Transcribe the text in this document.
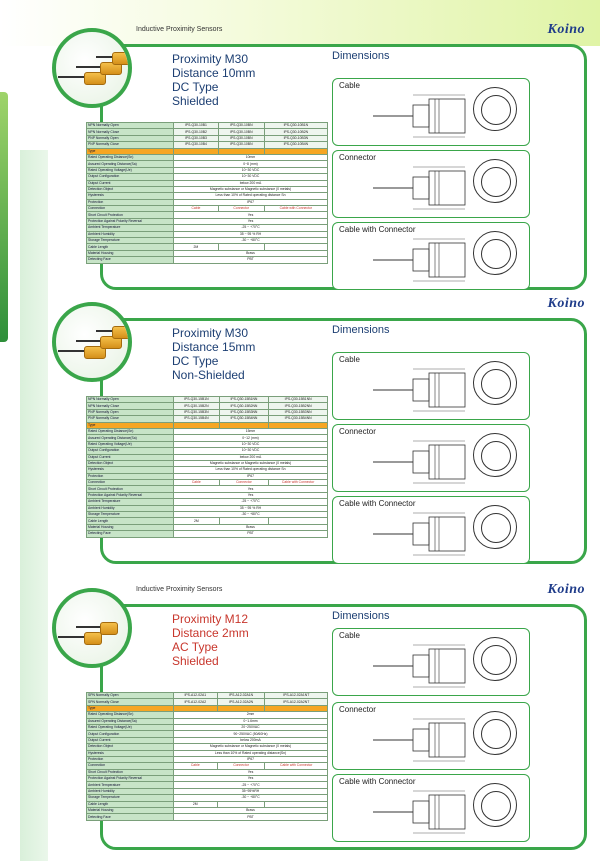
Inductive Proximity Sensors	Koino
Proximity M30
Distance 10mm
DC Type
Shielded
NPN Normally Open	IPS-Q30-10B1	IPS-Q30-10BN	IPS-Q30-10B1N
NPN Normally Close	IPS-Q30-10B2	IPS-Q30-10BN	IPS-Q30-10B2N
PNP Normally Open	IPS-Q30-10B3	IPS-Q30-10BN	IPS-Q30-10B3N
PNP Normally Close	IPS-Q30-10B4	IPS-Q30-10BN	IPS-Q30-10B4N
Type			
Rated Operating Distance(Sn)	10mm		
Assured Operating Distance(Sa)	0~8 (mm)		
Rated Operating Voltage(Ue)	10~30 VDC		
Output Configuration	10~30 VDC		
Output Current	below 200 mA		
Detection Object	Magnetic substance or Magnetic substance (0 metals)		
Hysteresis	Less than 10% of Rated operating distance Sn		
Protection	IP67		
Connection	Cable	Connector	Cable with Connector
Short Circuit Protection	Yes		
Protection Against Polarity Reversal	Yes		
Ambient Temperature	-25 ~ +70°C		
Ambient Humidity	35 ~ 95 % RH		
Storage Temperature	-30 ~ +80°C		
Cable Length	2M		
Material Housing	Brass		
Detecting Face	PBT		
Dimensions
Cable
Connector
Cable with Connector
Koino
Proximity M30
Distance 15mm
DC Type
Non-Shielded
NPN Normally Open	IPS-Q30-15B1N	IPS-Q30-15B1NN	IPS-Q30-15B1NN
NPN Normally Close	IPS-Q30-15B2N	IPS-Q30-15B2NN	IPS-Q30-15B2NN
PNP Normally Open	IPS-Q30-15B3N	IPS-Q30-15B3NN	IPS-Q30-15B3NN
PNP Normally Close	IPS-Q30-15B4N	IPS-Q30-15B4NN	IPS-Q30-15B4NN
Type			
Rated Operating Distance(Sn)	15mm		
Assured Operating Distance(Sa)	0~12 (mm)		
Rated Operating Voltage(Ue)	10~30 VDC		
Output Configuration	10~30 VDC		
Output Current	below 200 mA		
Detection Object	Magnetic substance or Magnetic substance (0 metals)		
Hysteresis	Less than 10% of Rated operating distance Sn		
Protection	IP67		
Connection	Cable	Connector	Cable with Connector
Short Circuit Protection	Yes		
Protection Against Polarity Reversal	Yes		
Ambient Temperature	-25 ~ +70°C		
Ambient Humidity	35 ~ 95 % RH		
Storage Temperature	-30 ~ +80°C		
Cable Length	2M		
Material Housing	Brass		
Detecting Face	PBT		
Dimensions
Cable
Connector
Cable with Connector
Inductive Proximity Sensors	Koino
Proximity M12
Distance 2mm
AC Type
Shielded
SPN Normally Open	IPS-A12-02A1	IPS-A12-02A1N	IPS-A12-02A1NT
SPN Normally Close	IPS-A12-02A2	IPS-A12-02A2N	IPS-A12-02A2NT
Type			
Rated Operating Distance(Sn)	2mm		
Assured Operating Distance(Sa)	0~1.6mm		
Rated Operating Voltage(Ue)	20~250VAC		
Output Configuration	90~250VAC (50/60Hz)		
Output Current	below 200mA		
Detection Object	Magnetic substance or Magnetic substance (0 metals)		
Hysteresis	Less than 10% of Rated operating distance(Sn)		
Protection	IP67		
Connection	Cable	Connector	Cable with Connector
Short Circuit Protection	Yes		
Protection Against Polarity Reversal	Yes		
Ambient Temperature	-25 ~ +70°C		
Ambient Humidity	35~95%RH		
Storage Temperature	-30 ~ +80°C		
Cable Length	2M		
Material Housing	Brass		
Detecting Face	PBT		
Dimensions
Cable
Connector
Cable with Connector
